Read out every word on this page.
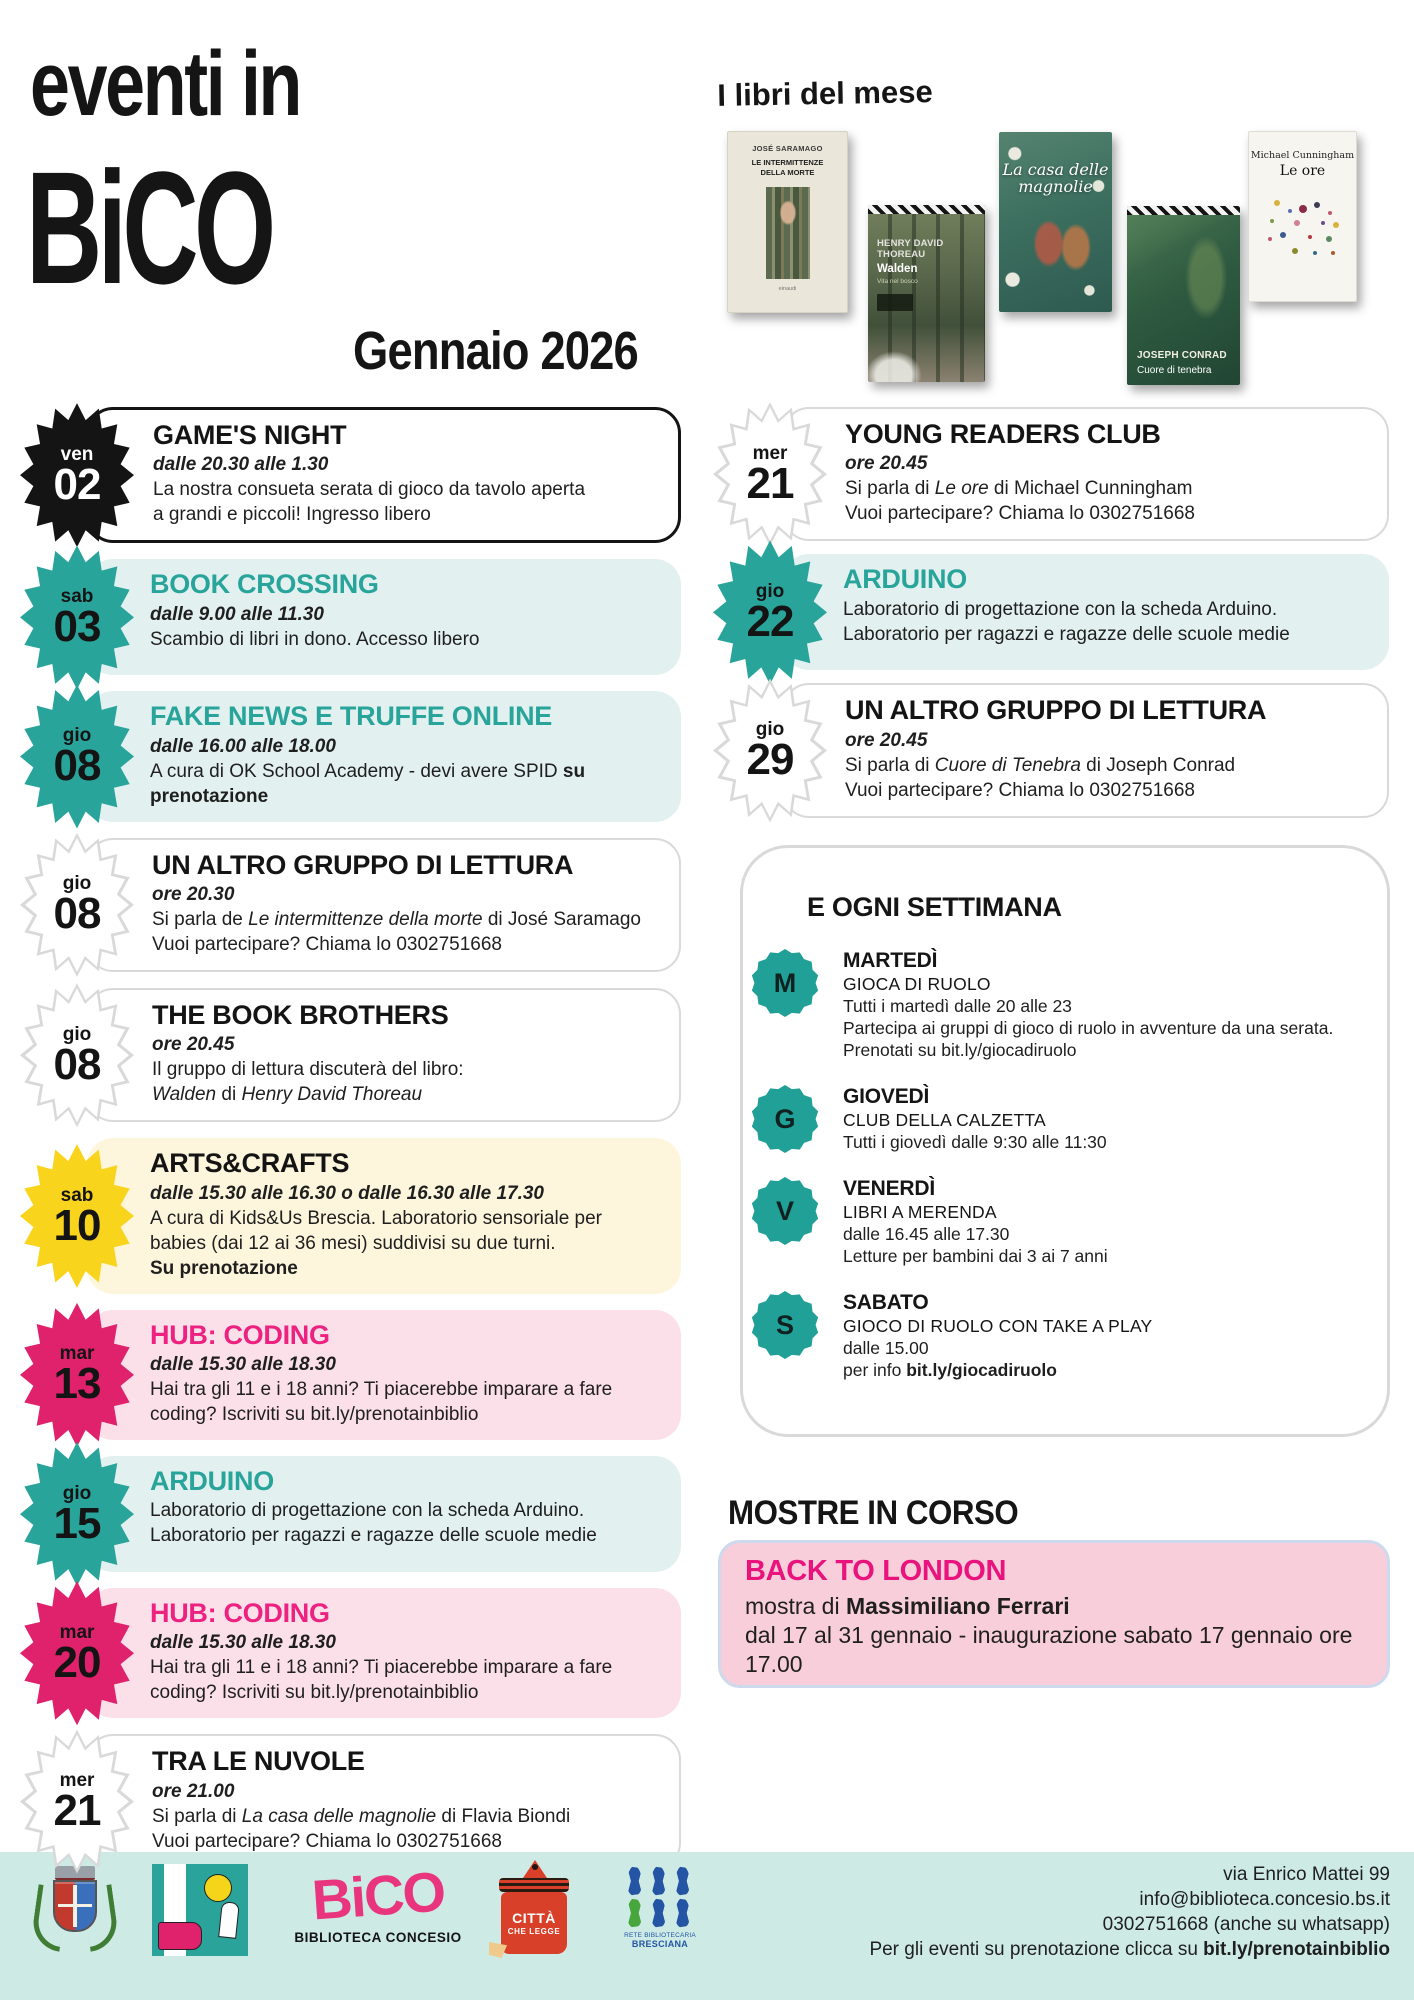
eventi in
BiCO
Gennaio 2026
I libri del mese
JOSÉ SARAMAGO
LE INTERMITTENZE DELLA MORTE
einaudi
HENRY DAVID THOREAU
Walden
Vita nel bosco
La casa delle magnolie
JOSEPH CONRAD
Cuore di tenebra
Michael Cunningham
Le ore
ven
02
GAME'S NIGHT
dalle 20.30 alle 1.30
La nostra consueta serata di gioco da tavolo aperta
a grandi e piccoli! Ingresso libero
sab
03
BOOK CROSSING
dalle 9.00 alle 11.30
Scambio di libri in dono. Accesso libero
gio
08
FAKE NEWS E TRUFFE ONLINE
dalle 16.00 alle 18.00
A cura di OK School Academy - devi avere SPID su
prenotazione
gio
08
UN ALTRO GRUPPO DI LETTURA
ore 20.30
Si parla de Le intermittenze della morte di José Saramago
Vuoi partecipare? Chiama lo 0302751668
gio
08
THE BOOK BROTHERS
ore 20.45
Il gruppo di lettura discuterà del libro:
Walden di Henry David Thoreau
sab
10
ARTS&CRAFTS
dalle 15.30 alle 16.30 o dalle 16.30 alle 17.30
A cura di Kids&Us Brescia. Laboratorio sensoriale per
babies (dai 12 ai 36 mesi) suddivisi su due turni.
Su prenotazione
mar
13
HUB: CODING
dalle 15.30 alle 18.30
Hai tra gli 11 e i 18 anni? Ti piacerebbe imparare a fare
coding? Iscriviti su bit.ly/prenotainbiblio
gio
15
ARDUINO
Laboratorio di progettazione con la scheda Arduino.
Laboratorio per ragazzi e ragazze delle scuole medie
mar
20
HUB: CODING
dalle 15.30 alle 18.30
Hai tra gli 11 e i 18 anni? Ti piacerebbe imparare a fare
coding? Iscriviti su bit.ly/prenotainbiblio
mer
21
TRA LE NUVOLE
ore 21.00
Si parla di La casa delle magnolie di Flavia Biondi
Vuoi partecipare? Chiama lo 0302751668
mer
21
YOUNG READERS CLUB
ore 20.45
Si parla di Le ore di Michael Cunningham
Vuoi partecipare? Chiama lo 0302751668
gio
22
ARDUINO
Laboratorio di progettazione con la scheda Arduino.
Laboratorio per ragazzi e ragazze delle scuole medie
gio
29
UN ALTRO GRUPPO DI LETTURA
ore 20.45
Si parla di Cuore di Tenebra di Joseph Conrad
Vuoi partecipare? Chiama lo 0302751668
E OGNI SETTIMANA
M
MARTEDÌ
GIOCA DI RUOLO
Tutti i martedì dalle 20 alle 23
Partecipa ai gruppi di gioco di ruolo in avventure da una serata.
Prenotati su bit.ly/giocadiruolo
G
GIOVEDÌ
CLUB DELLA CALZETTA
Tutti i giovedì dalle 9:30 alle 11:30
V
VENERDÌ
LIBRI A MERENDA
dalle 16.45 alle 17.30
Letture per bambini dai 3 ai 7 anni
S
SABATO
GIOCO DI RUOLO CON TAKE A PLAY
dalle 15.00
per info bit.ly/giocadiruolo
MOSTRE IN CORSO
BACK TO LONDON
mostra di Massimiliano Ferrari
dal 17 al 31 gennaio - inaugurazione sabato 17 gennaio ore
17.00
BiCO
BIBLIOTECA CONCESIO
CITTÀ
CHE LEGGE	RETE BIBLIOTECARIA
BRESCIANA
via Enrico Mattei 99
info@biblioteca.concesio.bs.it
0302751668 (anche su whatsapp)
Per gli eventi su prenotazione clicca su bit.ly/prenotainbiblio
